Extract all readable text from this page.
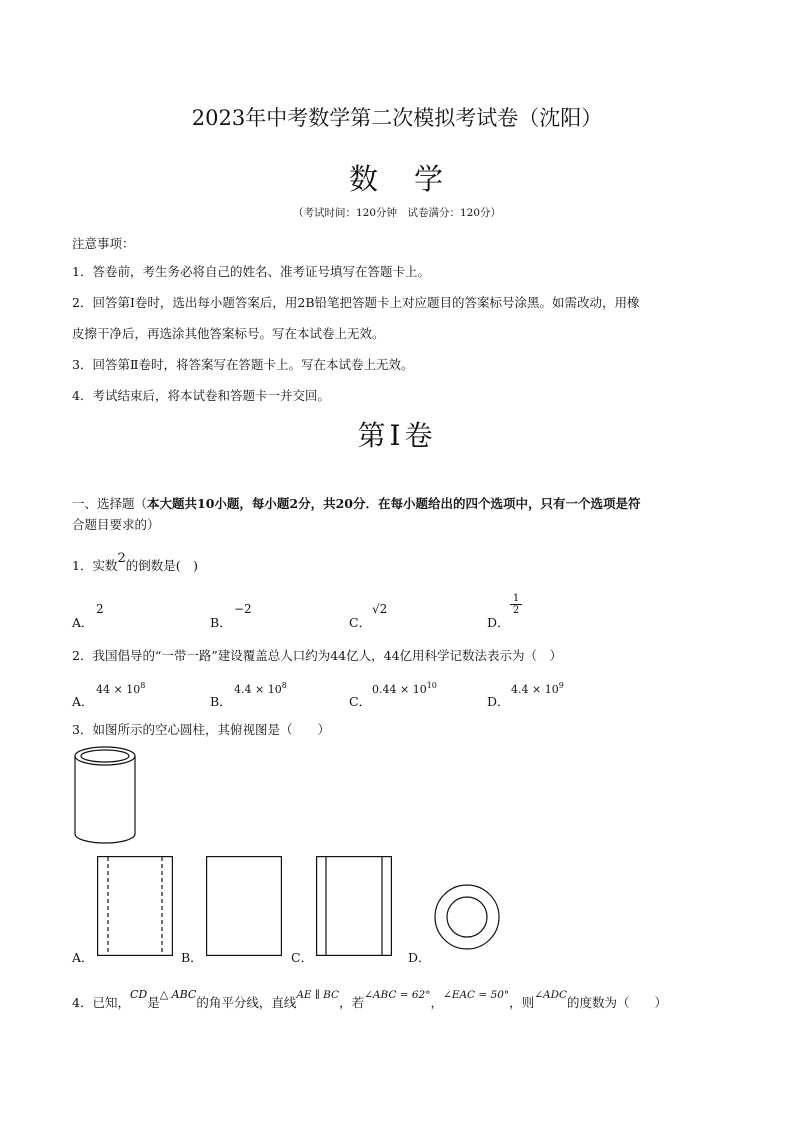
2023年中考数学第二次模拟考试卷（沈阳）
数 学
（考试时间：120分钟　试卷满分：120分）
注意事项：
1．答卷前，考生务必将自己的姓名、准考证号填写在答题卡上。
2．回答第Ⅰ卷时，选出每小题答案后，用2B铅笔把答题卡上对应题目的答案标号涂黑。如需改动，用橡
皮擦干净后，再选涂其他答案标号。写在本试卷上无效。
3．回答第Ⅱ卷时，将答案写在答题卡上。写在本试卷上无效。
4．考试结束后，将本试卷和答题卡一并交回。
第Ⅰ卷
一、选择题（本大题共10小题，每小题2分，共20分．在每小题给出的四个选项中，只有一个选项是符
合题目要求的）
1．实数2的倒数是(　)
A．
2
B．
−2
C．
√2
D．
1
2
2．我国倡导的“一带一路”建设覆盖总人口约为44亿人，44亿用科学记数法表示为（　）
A．
$44 \times 10^8$
B．
$4.4 \times 10^8$
C．
$0.44 \times 10^{10}$
D．
$4.4 \times 10^9$
3．如图所示的空心圆柱，其俯视图是（　　）
A．	B．	C．	D．
4．已知，CD是△ ABC的角平分线，直线$^{AE \parallel BC}$，若$^{\angle ABC = 62^\circ}$，$^{\angle EAC = 50^\circ}$，则$^{\angle ADC}$的度数为（　　）
